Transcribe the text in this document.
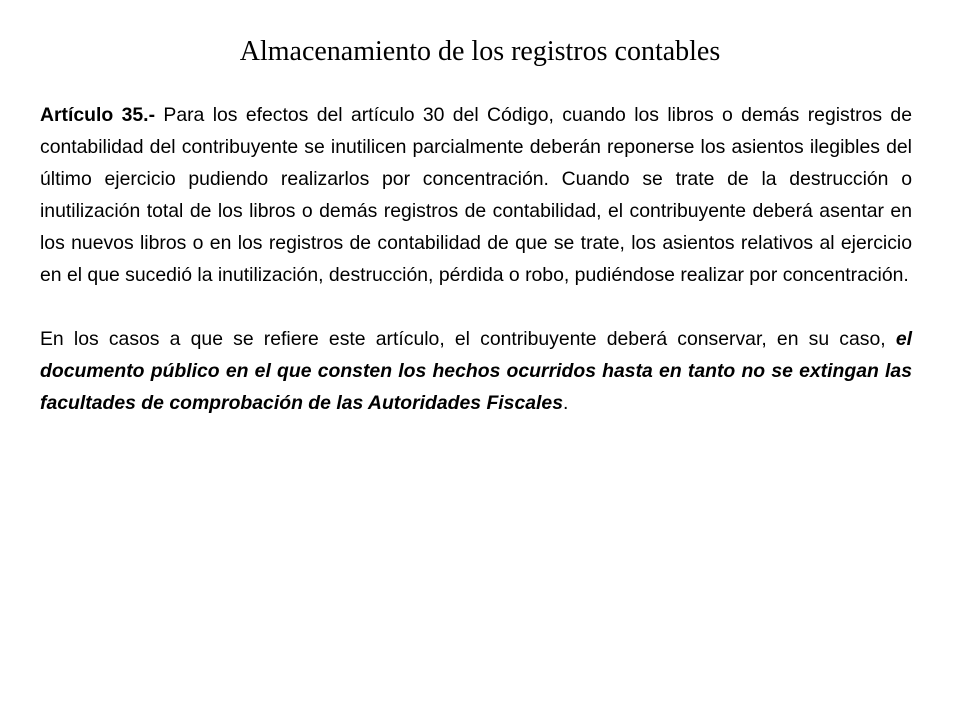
Almacenamiento de los registros contables

Artículo 35.- Para los efectos del artículo 30 del Código, cuando los libros o demás registros de contabilidad del contribuyente se inutilicen parcialmente deberán reponerse los asientos ilegibles del último ejercicio pudiendo realizarlos por concentración. Cuando se trate de la destrucción o inutilización total de los libros o demás registros de contabilidad, el contribuyente deberá asentar en los nuevos libros o en los registros de contabilidad de que se trate, los asientos relativos al ejercicio en el que sucedió la inutilización, destrucción, pérdida o robo, pudiéndose realizar por concentración.

En los casos a que se refiere este artículo, el contribuyente deberá conservar, en su caso, el documento público en el que consten los hechos ocurridos hasta en tanto no se extingan las facultades de comprobación de las Autoridades Fiscales.
